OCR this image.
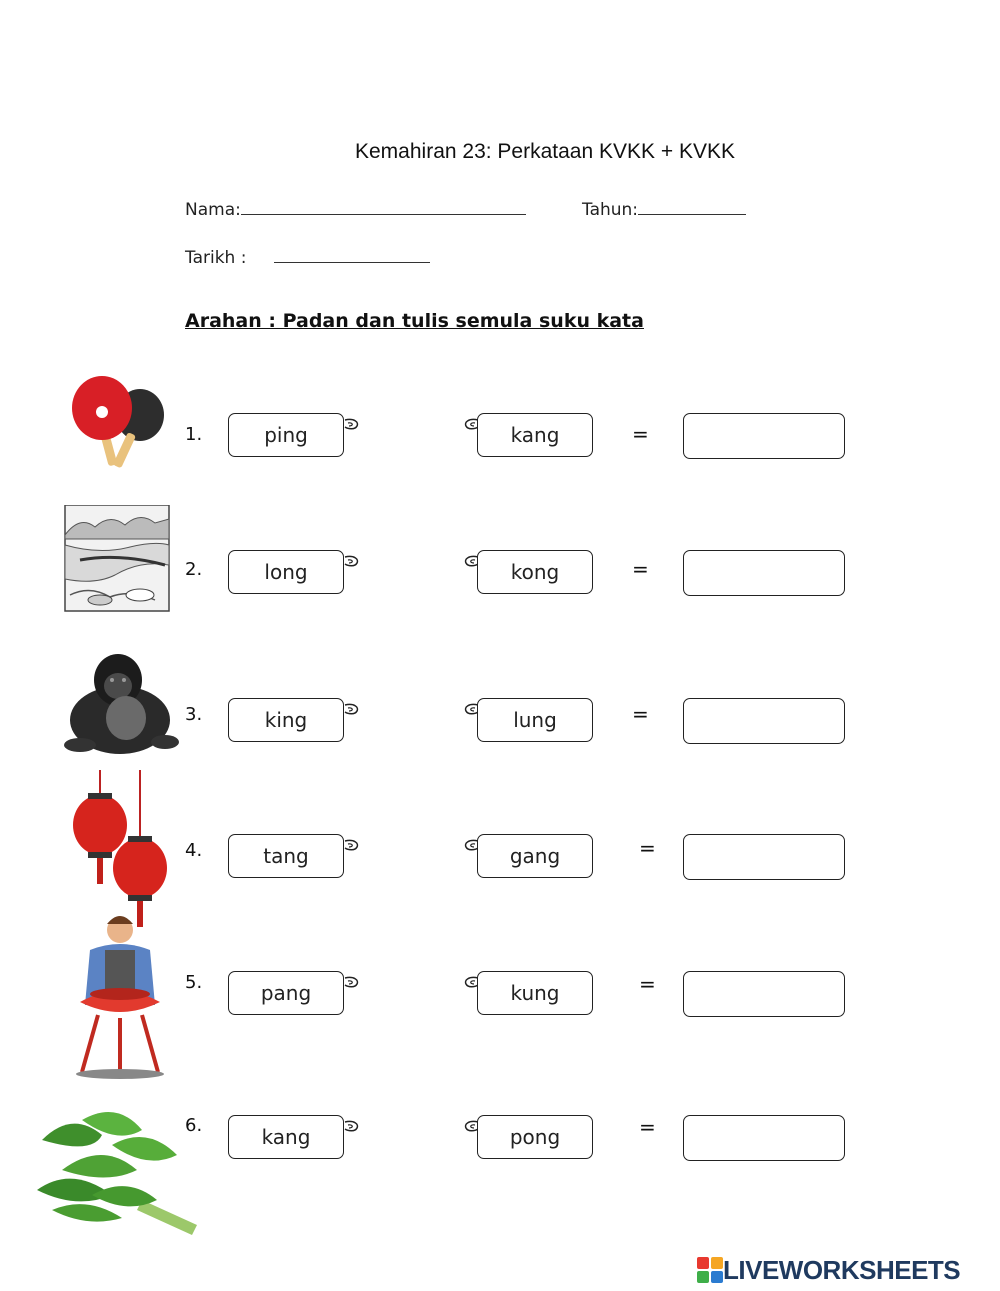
Kemahiran 23: Perkataan KVKK + KVKK
Nama:	Tahun:
Tarikh :
Arahan : Padan dan tulis semula suku kata
1.	ping	kang	=
2.	long	kong	=
3.	king	lung	=
4.	tang	gang	=
5.	pang	kung	=
6.	kang	pong	=
LIVEWORKSHEETS
